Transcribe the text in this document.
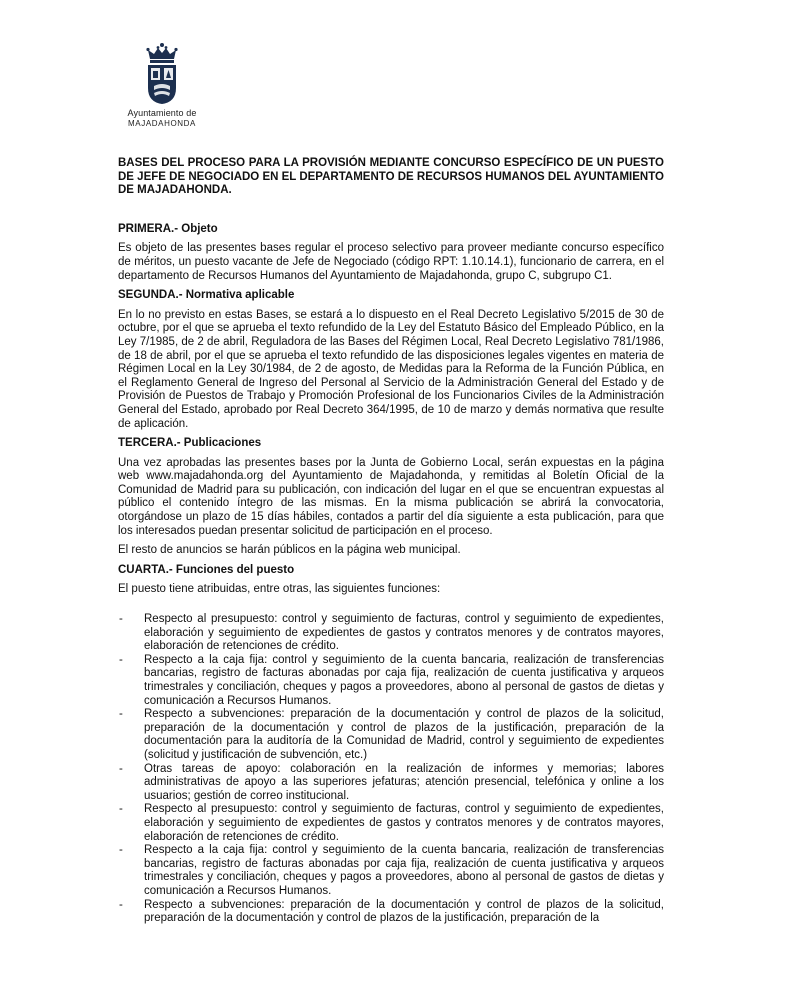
Ayuntamiento de
MAJADAHONDA

BASES DEL PROCESO PARA LA PROVISIÓN MEDIANTE CONCURSO ESPECÍFICO DE UN PUESTO DE JEFE DE NEGOCIADO EN EL DEPARTAMENTO DE RECURSOS HUMANOS DEL AYUNTAMIENTO DE MAJADAHONDA.

PRIMERA.- Objeto

Es objeto de las presentes bases regular el proceso selectivo para proveer mediante concurso específico de méritos, un puesto vacante de Jefe de Negociado (código RPT: 1.10.14.1), funcionario de carrera, en el departamento de Recursos Humanos del Ayuntamiento de Majadahonda, grupo C, subgrupo C1.

SEGUNDA.- Normativa aplicable

En lo no previsto en estas Bases, se estará a lo dispuesto en el Real Decreto Legislativo 5/2015 de 30 de octubre, por el que se aprueba el texto refundido de la Ley del Estatuto Básico del Empleado Público, en la Ley 7/1985, de 2 de abril, Reguladora de las Bases del Régimen Local, Real Decreto Legislativo 781/1986, de 18 de abril, por el que se aprueba el texto refundido de las disposiciones legales vigentes en materia de Régimen Local en la Ley 30/1984, de 2 de agosto, de Medidas para la Reforma de la Función Pública, en el Reglamento General de Ingreso del Personal al Servicio de la Administración General del Estado y de Provisión de Puestos de Trabajo y Promoción Profesional de los Funcionarios Civiles de la Administración General del Estado, aprobado por Real Decreto 364/1995, de 10 de marzo y demás normativa que resulte de aplicación.

TERCERA.- Publicaciones

Una vez aprobadas las presentes bases por la Junta de Gobierno Local, serán expuestas en la página web www.majadahonda.org del Ayuntamiento de Majadahonda, y remitidas al Boletín Oficial de la Comunidad de Madrid para su publicación, con indicación del lugar en el que se encuentran expuestas al público el contenido íntegro de las mismas. En la misma publicación se abrirá la convocatoria, otorgándose un plazo de 15 días hábiles, contados a partir del día siguiente a esta publicación, para que los interesados puedan presentar solicitud de participación en el proceso.

El resto de anuncios se harán públicos en la página web municipal.

CUARTA.- Funciones del puesto

El puesto tiene atribuidas, entre otras, las siguientes funciones:

- Respecto al presupuesto: control y seguimiento de facturas, control y seguimiento de expedientes, elaboración y seguimiento de expedientes de gastos y contratos menores y de contratos mayores, elaboración de retenciones de crédito.
- Respecto a la caja fija: control y seguimiento de la cuenta bancaria, realización de transferencias bancarias, registro de facturas abonadas por caja fija, realización de cuenta justificativa y arqueos trimestrales y conciliación, cheques y pagos a proveedores, abono al personal de gastos de dietas y comunicación a Recursos Humanos.
- Respecto a subvenciones: preparación de la documentación y control de plazos de la solicitud, preparación de la documentación y control de plazos de la justificación, preparación de la documentación para la auditoría de la Comunidad de Madrid, control y seguimiento de expedientes (solicitud y justificación de subvención, etc.)
- Otras tareas de apoyo: colaboración en la realización de informes y memorias; labores administrativas de apoyo a las superiores jefaturas; atención presencial, telefónica y online a los usuarios; gestión de correo institucional.
- Respecto al presupuesto: control y seguimiento de facturas, control y seguimiento de expedientes, elaboración y seguimiento de expedientes de gastos y contratos menores y de contratos mayores, elaboración de retenciones de crédito.
- Respecto a la caja fija: control y seguimiento de la cuenta bancaria, realización de transferencias bancarias, registro de facturas abonadas por caja fija, realización de cuenta justificativa y arqueos trimestrales y conciliación, cheques y pagos a proveedores, abono al personal de gastos de dietas y comunicación a Recursos Humanos.
- Respecto a subvenciones: preparación de la documentación y control de plazos de la solicitud, preparación de la documentación y control de plazos de la justificación, preparación de la
